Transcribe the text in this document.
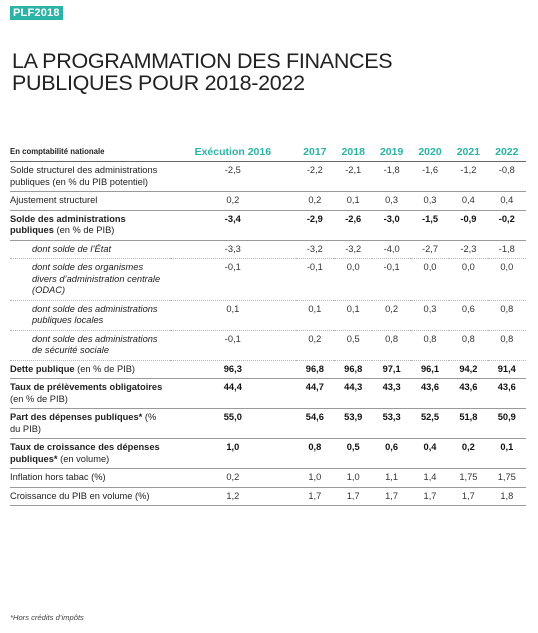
PLF2018
LA PROGRAMMATION DES FINANCES
PUBLIQUES POUR 2018-2022
En comptabilité nationale	Exécution 2016	2017	2018	2019	2020	2021	2022
Solde structurel des administrations publiques (en % du PIB potentiel)	-2,5	-2,2	-2,1	-1,8	-1,6	-1,2	-0,8
Ajustement structurel	0,2	0,2	0,1	0,3	0,3	0,4	0,4
Solde des administrations publiques (en % de PIB)	-3,4	-2,9	-2,6	-3,0	-1,5	-0,9	-0,2
dont solde de l’État	-3,3	-3,2	-3,2	-4,0	-2,7	-2,3	-1,8
dont solde des organismes divers d’administration centrale (ODAC)	-0,1	-0,1	0,0	-0,1	0,0	0,0	0,0
dont solde des administrations publiques locales	0,1	0,1	0,1	0,2	0,3	0,6	0,8
dont solde des administrations de sécurité sociale	-0,1	0,2	0,5	0,8	0,8	0,8	0,8
Dette publique (en % de PIB)	96,3	96,8	96,8	97,1	96,1	94,2	91,4
Taux de prélèvements obligatoires (en % de PIB)	44,4	44,7	44,3	43,3	43,6	43,6	43,6
Part des dépenses publiques* (% du PIB)	55,0	54,6	53,9	53,3	52,5	51,8	50,9
Taux de croissance des dépenses publiques* (en volume)	1,0	0,8	0,5	0,6	0,4	0,2	0,1
Inflation hors tabac (%)	0,2	1,0	1,0	1,1	1,4	1,75	1,75
Croissance du PIB en volume (%)	1,2	1,7	1,7	1,7	1,7	1,7	1,8
*Hors crédits d’impôts
